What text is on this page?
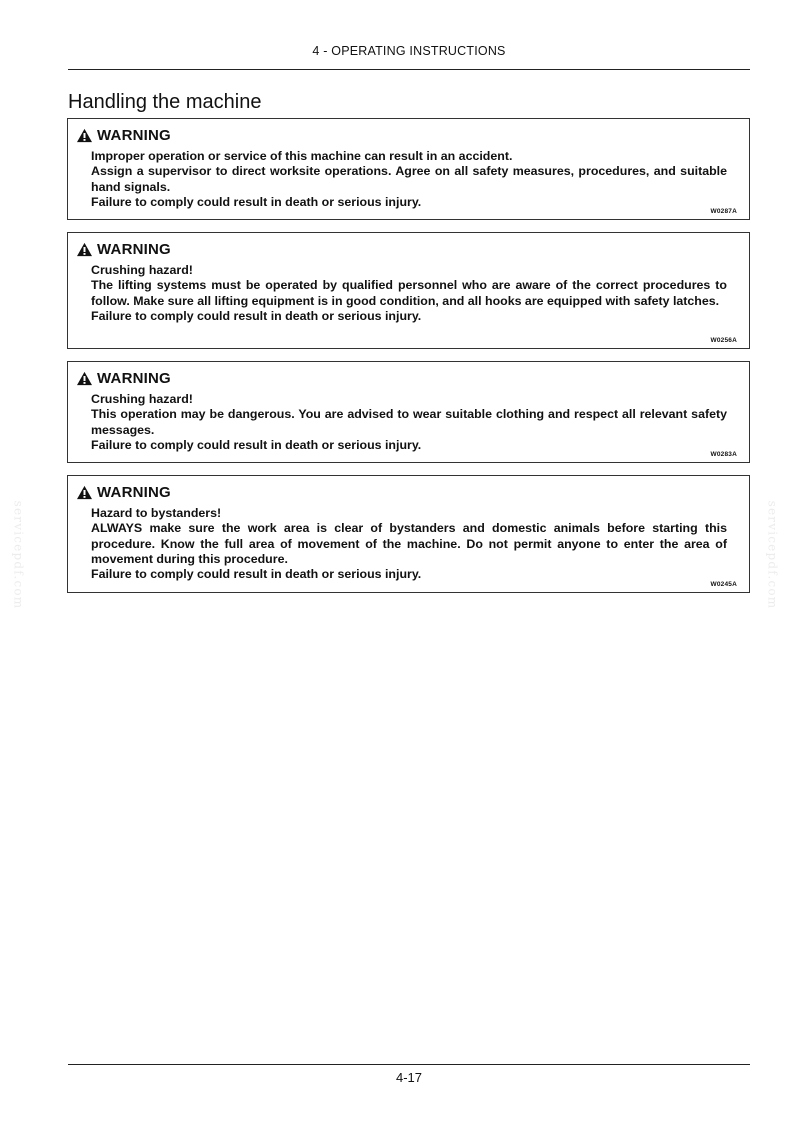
4 - OPERATING INSTRUCTIONS
Handling the machine
WARNING
Improper operation or service of this machine can result in an accident.
Assign a supervisor to direct worksite operations. Agree on all safety measures, procedures, and suitable hand signals.
Failure to comply could result in death or serious injury.
W0287A
WARNING
Crushing hazard!
The lifting systems must be operated by qualified personnel who are aware of the correct procedures to follow. Make sure all lifting equipment is in good condition, and all hooks are equipped with safety latches.
Failure to comply could result in death or serious injury.
W0256A
WARNING
Crushing hazard!
This operation may be dangerous. You are advised to wear suitable clothing and respect all relevant safety messages.
Failure to comply could result in death or serious injury.
W0283A
WARNING
Hazard to bystanders!
ALWAYS make sure the work area is clear of bystanders and domestic animals before starting this procedure. Know the full area of movement of the machine. Do not permit anyone to enter the area of movement during this procedure.
Failure to comply could result in death or serious injury.
W0245A
servicepdf.com	servicepdf.com
4-17
